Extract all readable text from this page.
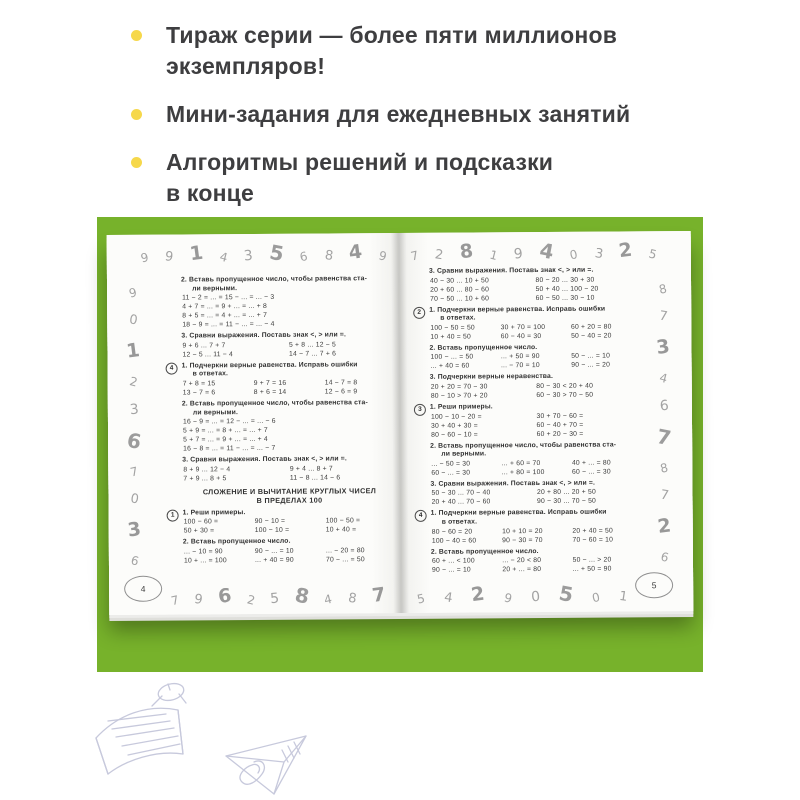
Тираж серии — более пяти миллионов
экземпляров!
Мини-задания для ежедневных занятий
Алгоритмы решений и подсказки
в конце
9 9 1 4 3 5 6 8 4 9
9
0
1
2
3
6
7
0
3
6
2. Вставь пропущенное число, чтобы равенства ста-
ли верными.
11 − 2 = ... = 15 − ... = ... − 3
4 + 7 = ... = 9 + ... = ... + 8
8 + 5 = ... = 4 + ... = ... + 7
18 − 9 = ... = 11 − ... = ... − 4
3. Сравни выражения. Поставь знак <, > или =.
9 + 6 ... 7 + 7	5 + 8 ... 12 − 5
12 − 5 ... 11 − 4	14 − 7 ... 7 + 6
4	1. Подчеркни верные равенства. Исправь ошибки
в ответах.
7 + 8 = 15	9 + 7 = 16	14 − 7 = 8
13 − 7 = 6	8 + 6 = 14	12 − 6 = 9
2. Вставь пропущенное число, чтобы равенства ста-
ли верными.
16 − 9 = ... = 12 − ... = ... − 6
5 + 9 = ... = 8 + ... = ... + 7
5 + 7 = ... = 9 + ... = ... + 4
16 − 8 = ... = 11 − ... = ... − 7
3. Сравни выражения. Поставь знак <, > или =.
8 + 9 ... 12 − 4	9 + 4 ... 8 + 7
7 + 9 ... 8 + 5	11 − 8 ... 14 − 6
СЛОЖЕНИЕ И ВЫЧИТАНИЕ КРУГЛЫХ ЧИСЕЛ
В ПРЕДЕЛАХ 100
1	1. Реши примеры.
100 − 60 =	90 − 10 =	100 − 50 =
50 + 30 =	100 − 10 =	10 + 40 =
2. Вставь пропущенное число.
... − 10 = 90	90 − ... = 10	... − 20 = 80
10 + ... = 100	... + 40 = 90	70 − ... = 50
4
7 9 6 2 5 8 4 8 7
7 2 8 1 9 4 0 3 2 5
8
7
3
4
6
7
8
7
2
6
3. Сравни выражения. Поставь знак <, > или =.
40 − 30 ... 10 + 50	80 − 20 ... 30 + 30
20 + 60 ... 80 − 60	50 + 40 ... 100 − 20
70 − 50 ... 10 + 60	60 − 50 ... 30 − 10
2	1. Подчеркни верные равенства. Исправь ошибки
в ответах.
100 − 50 = 50	30 + 70 = 100	60 + 20 = 80
10 + 40 = 50	60 − 40 = 30	50 − 40 = 20
2. Вставь пропущенное число.
100 − ... = 50	... + 50 = 90	50 − ... = 10
... + 40 = 60	... − 70 = 10	90 − ... = 20
3. Подчеркни верные неравенства.
20 + 20 = 70 − 30	80 − 30 < 20 + 40
80 − 10 > 70 + 20	60 − 30 > 70 − 50
3	1. Реши примеры.
100 − 10 − 20 =	30 + 70 − 60 =
30 + 40 + 30 =	60 − 40 + 70 =
80 − 60 − 10 =	60 + 20 − 30 =
2. Вставь пропущенное число, чтобы равенства ста-
ли верными.
... − 50 = 30	... + 60 = 70	40 + ... = 80
60 − ... = 30	... + 80 = 100	60 − ... = 30
3. Сравни выражения. Поставь знак <, > или =.
50 − 30 ... 70 − 40	20 + 80 ... 20 + 50
20 + 40 ... 70 − 60	90 − 30 ... 70 − 50
4	1. Подчеркни верные равенства. Исправь ошибки
в ответах.
80 − 60 = 20	10 + 10 = 20	20 + 40 = 50
100 − 40 = 60	90 − 30 = 70	70 − 60 = 10
2. Вставь пропущенное число.
60 + ... < 100	... − 20 < 80	50 − ... > 20
90 − ... = 10	20 + ... = 80	... + 50 = 90
5
5 4 2 9 0 5 0 1
